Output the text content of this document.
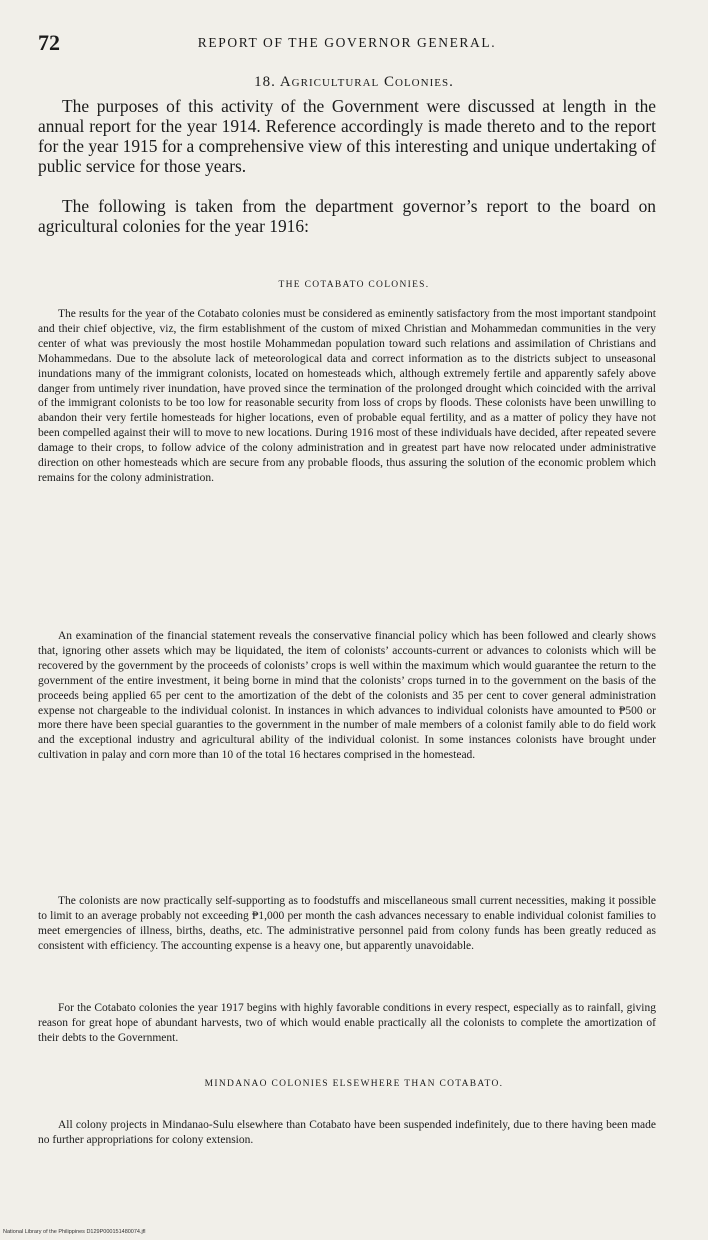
72	REPORT OF THE GOVERNOR GENERAL.
18. Agricultural Colonies.

The purposes of this activity of the Government were discussed at length in the annual report for the year 1914. Reference accordingly is made thereto and to the report for the year 1915 for a comprehensive view of this interesting and unique undertaking of public service for those years.

The following is taken from the department governor’s report to the board on agricultural colonies for the year 1916:

THE COTABATO COLONIES.

The results for the year of the Cotabato colonies must be considered as eminently satisfactory from the most important standpoint and their chief objective, viz, the firm establishment of the custom of mixed Christian and Mohammedan communities in the very center of what was previously the most hostile Mohammedan population toward such relations and assimilation of Christians and Mohammedans. Due to the absolute lack of meteorological data and correct information as to the districts subject to unseasonal inundations many of the immigrant colonists, located on homesteads which, although extremely fertile and apparently safely above danger from untimely river inundation, have proved since the termination of the prolonged drought which coincided with the arrival of the immigrant colonists to be too low for reasonable security from loss of crops by floods. These colonists have been unwilling to abandon their very fertile homesteads for higher locations, even of probable equal fertility, and as a matter of policy they have not been compelled against their will to move to new locations. During 1916 most of these individuals have decided, after repeated severe damage to their crops, to follow advice of the colony administration and in greatest part have now relocated under administrative direction on other homesteads which are secure from any probable floods, thus assuring the solution of the economic problem which remains for the colony administration.

An examination of the financial statement reveals the conservative financial policy which has been followed and clearly shows that, ignoring other assets which may be liquidated, the item of colonists’ accounts-current or advances to colonists which will be recovered by the government by the proceeds of colonists’ crops is well within the maximum which would guarantee the return to the government of the entire investment, it being borne in mind that the colonists’ crops turned in to the government on the basis of the proceeds being applied 65 per cent to the amortization of the debt of the colonists and 35 per cent to cover general administration expense not chargeable to the individual colonist. In instances in which advances to individual colonists have amounted to ₱500 or more there have been special guaranties to the government in the number of male members of a colonist family able to do field work and the exceptional industry and agricultural ability of the individual colonist. In some instances colonists have brought under cultivation in palay and corn more than 10 of the total 16 hectares comprised in the homestead.

The colonists are now practically self-supporting as to foodstuffs and miscellaneous small current necessities, making it possible to limit to an average probably not exceeding ₱1,000 per month the cash advances necessary to enable individual colonist families to meet emergencies of illness, births, deaths, etc. The administrative personnel paid from colony funds has been greatly reduced as consistent with efficiency. The accounting expense is a heavy one, but apparently unavoidable.

For the Cotabato colonies the year 1917 begins with highly favorable conditions in every respect, especially as to rainfall, giving reason for great hope of abundant harvests, two of which would enable practically all the colonists to complete the amortization of their debts to the Government.

MINDANAO COLONIES ELSEWHERE THAN COTABATO.

All colony projects in Mindanao-Sulu elsewhere than Cotabato have been suspended indefinitely, due to there having been made no further appropriations for colony extension.

National Library of the Philippines D129P000151480074.jfl
